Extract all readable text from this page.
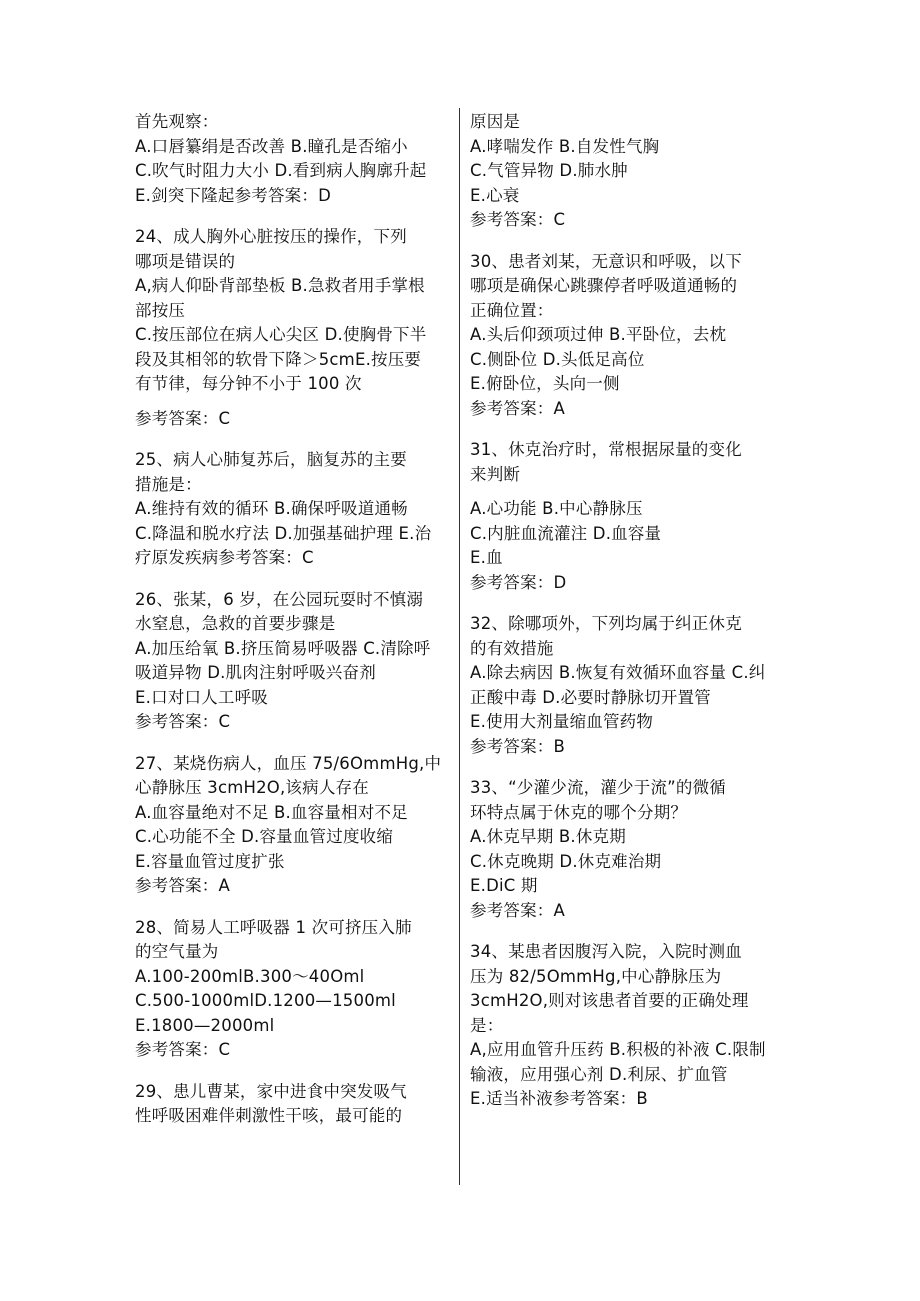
首先观察：
A.口唇纂绢是否改善 B.瞳孔是否缩小
C.吹气时阻力大小 D.看到病人胸廓升起
E.剑突下隆起参考答案：D
24、成人胸外心脏按压的操作，下列
哪项是错误的
A,病人仰卧背部垫板 B.急救者用手掌根
部按压
C.按压部位在病人心尖区 D.使胸骨下半
段及其相邻的软骨下降＞5cmE.按压要
有节律，每分钟不小于 100 次
参考答案：C
25、病人心肺复苏后，脑复苏的主要
措施是：
A.维持有效的循环 B.确保呼吸道通畅
C.降温和脱水疗法 D.加强基础护理 E.治
疗原发疾病参考答案：C
26、张某，6 岁，在公园玩耍时不慎溺
水窒息，急救的首要步骤是
A.加压给氧 B.挤压简易呼吸器 C.清除呼
吸道异物 D.肌肉注射呼吸兴奋剂
E.口对口人工呼吸
参考答案：C
27、某烧伤病人，血压 75/6OmmHg,中
心静脉压 3cmH2O,该病人存在
A.血容量绝对不足 B.血容量相对不足
C.心功能不全 D.容量血管过度收缩
E.容量血管过度扩张
参考答案：A
28、简易人工呼吸器 1 次可挤压入肺
的空气量为
A.100-200mlB.300～40Oml
C.500-1000mlD.1200—1500ml
E.1800—2000ml
参考答案：C
29、患儿曹某，家中进食中突发吸气
性呼吸困难伴刺激性干咳，最可能的
原因是
A.哮喘发作 B.自发性气胸
C.气管异物 D.肺水肿
E.心衰
参考答案：C
30、患者刘某，无意识和呼吸，以下
哪项是确保心跳骤停者呼吸道通畅的
正确位置：
A.头后仰颈项过伸 B.平卧位，去枕
C.侧卧位 D.头低足高位
E.俯卧位，头向一侧
参考答案：A
31、休克治疗时，常根据尿量的变化
来判断
A.心功能 B.中心静脉压
C.内脏血流灌注 D.血容量
E.血
参考答案：D
32、除哪项外，下列均属于纠正休克
的有效措施
A.除去病因 B.恢复有效循环血容量 C.纠
正酸中毒 D.必要时静脉切开置管
E.使用大剂量缩血管药物
参考答案：B
33、“少灌少流，灌少于流”的微循
环特点属于休克的哪个分期？
A.休克早期 B.休克期
C.休克晚期 D.休克难治期
E.DiC 期
参考答案：A
34、某患者因腹泻入院，入院时测血
压为 82/5OmmHg,中心静脉压为
3cmH2O,则对该患者首要的正确处理
是：
A,应用血管升压药 B.积极的补液 C.限制
输液，应用强心剂 D.利尿、扩血管
E.适当补液参考答案：B
